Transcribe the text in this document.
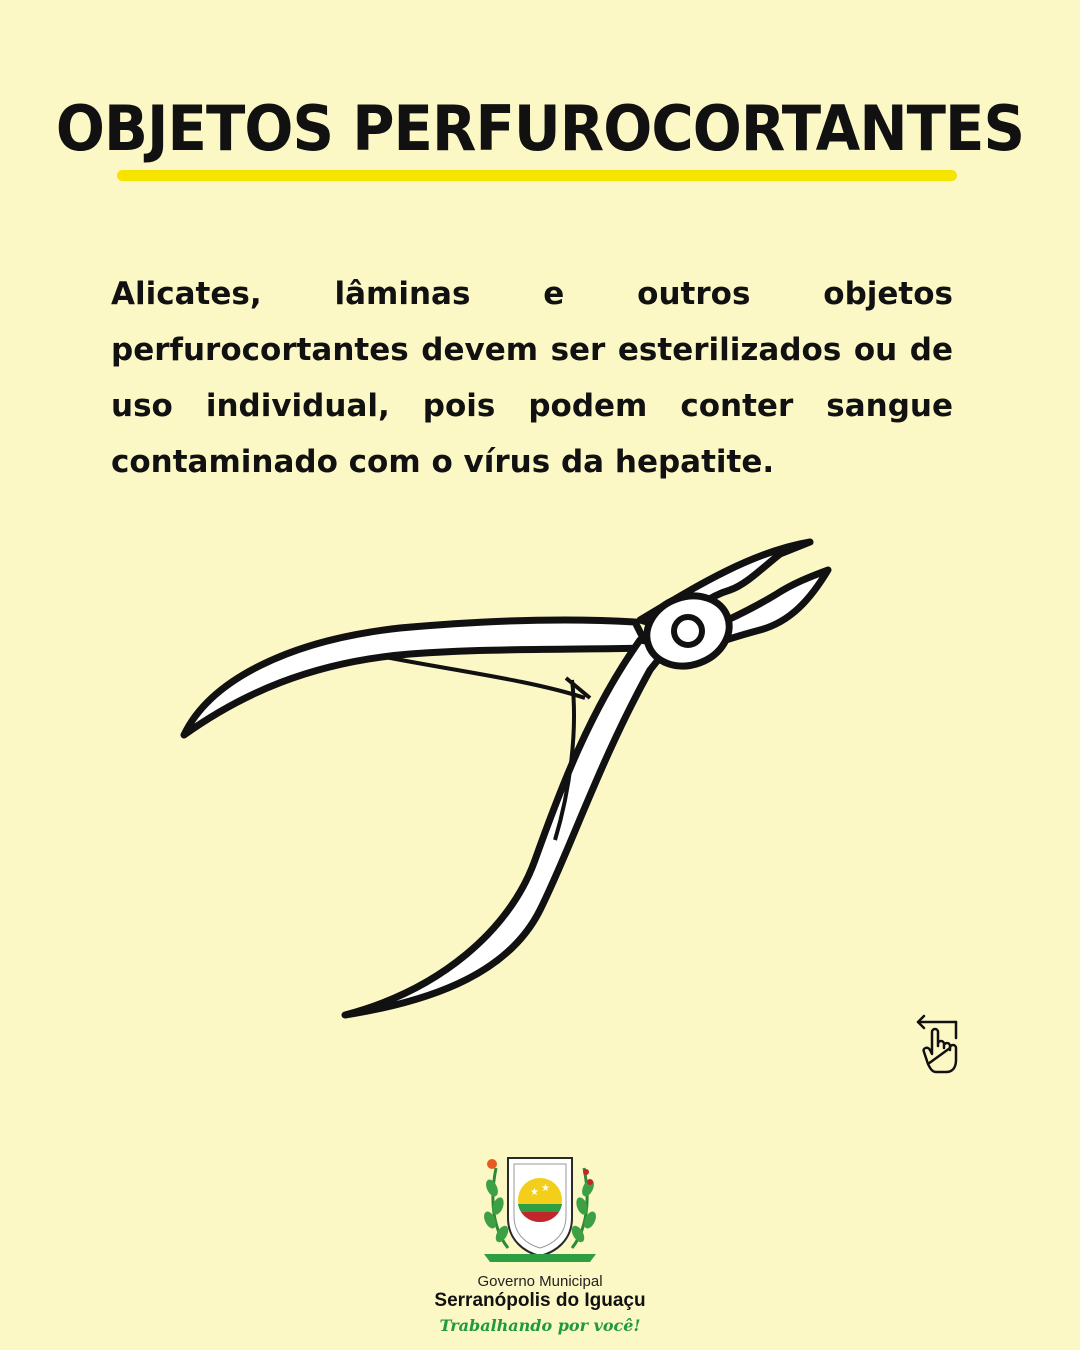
OBJETOS PERFUROCORTANTES

Alicates, lâminas e outros objetos perfurocortantes devem ser esterilizados ou de uso individual, pois podem conter sangue contaminado com o vírus da hepatite.

★ ★
Governo Municipal
Serranópolis do Iguaçu
Trabalhando por você!
